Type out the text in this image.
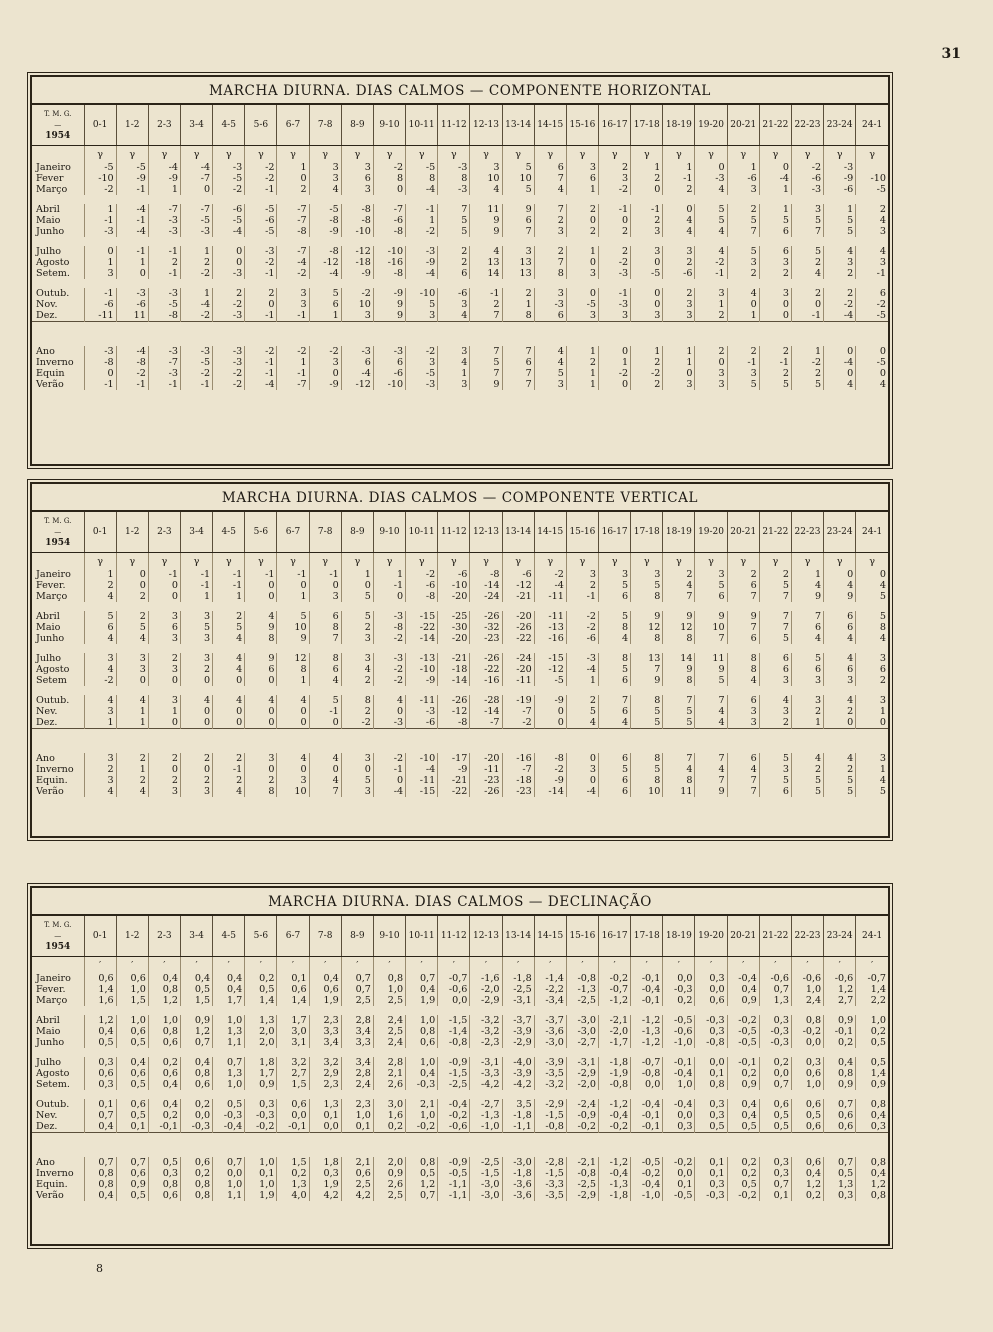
31
MARCHA DIURNA. DIAS CALMOS — COMPONENTE HORIZONTAL
T. M. G.
—
1954	0-1	1-2	2-3	3-4	4-5	5-6	6-7	7-8	8-9	9-10	10-11	11-12	12-13	13-14	14-15	15-16	16-17	17-18	18-19	19-20	20-21	21-22	22-23	23-24	24-1
	γ	γ	γ	γ	γ	γ	γ	γ	γ	γ	γ	γ	γ	γ	γ	γ	γ	γ	γ	γ	γ	γ	γ	γ	γ
Janeiro	-5	-5	-4	-4	-3	-2	1	3	3	-2	-5	-3	3	5	6	3	2	1	1	0	1	0	-2	-3	
Fever	-10	-9	-9	-7	-5	-2	0	3	6	8	8	8	10	10	7	6	3	2	-1	-3	-6	-4	-6	-9	-10
Março	-2	-1	1	0	-2	-1	2	4	3	0	-4	-3	4	5	4	1	-2	0	2	4	3	1	-3	-6	-5

Abril	1	-4	-7	-7	-6	-5	-7	-5	-8	-7	-1	7	11	9	7	2	-1	-1	0	5	2	1	3	1	2
Maio	-1	-1	-3	-5	-5	-6	-7	-8	-8	-6	1	5	9	6	2	0	0	2	4	5	5	5	5	5	4
Junho	-3	-4	-3	-3	-4	-5	-8	-9	-10	-8	-2	5	9	7	3	2	2	3	4	4	7	6	7	5	3

Julho	0	-1	-1	1	0	-3	-7	-8	-12	-10	-3	2	4	3	2	1	2	3	3	4	5	6	5	4	4
Agosto	1	1	2	2	0	-2	-4	-12	-18	-16	-9	2	13	13	7	0	-2	0	2	-2	3	3	2	3	3
Setem.	3	0	-1	-2	-3	-1	-2	-4	-9	-8	-4	6	14	13	8	3	-3	-5	-6	-1	2	2	4	2	-1

Outub.	-1	-3	-3	1	2	2	3	5	-2	-9	-10	-6	-1	2	3	0	-1	0	2	3	4	3	2	2	6
Nov.	-6	-6	-5	-4	-2	0	3	6	10	9	5	3	2	1	-3	-5	-3	0	3	1	0	0	0	-2	-2
Dez.	-11	11	-8	-2	-3	-1	-1	1	3	9	3	4	7	8	6	3	3	3	3	2	1	0	-1	-4	-5

Ano	-3	-4	-3	-3	-3	-2	-2	-2	-3	-3	-2	3	7	7	4	1	0	1	1	2	2	2	1	0	0
Inverno	-8	-8	-7	-5	-3	-1	1	3	6	6	3	4	5	6	4	2	1	2	1	0	-1	-1	-2	-4	-5
Equin	0	-2	-3	-2	-2	-1	-1	0	-4	-6	-5	1	7	7	5	1	-2	-2	0	3	3	2	2	0	0
Verão	-1	-1	-1	-1	-2	-4	-7	-9	-12	-10	-3	3	9	7	3	1	0	2	3	3	5	5	5	4	4
MARCHA DIURNA. DIAS CALMOS — COMPONENTE VERTICAL
T. M. G.
—
1954	0-1	1-2	2-3	3-4	4-5	5-6	6-7	7-8	8-9	9-10	10-11	11-12	12-13	13-14	14-15	15-16	16-17	17-18	18-19	19-20	20-21	21-22	22-23	23-24	24-1
	γ	γ	γ	γ	γ	γ	γ	γ	γ	γ	γ	γ	γ	γ	γ	γ	γ	γ	γ	γ	γ	γ	γ	γ	γ
Janeiro	1	0	-1	-1	-1	-1	-1	-1	1	1	-2	-6	-8	-6	-2	3	3	3	2	3	2	2	1	0	0
Fever.	2	0	0	-1	-1	0	0	0	0	-1	-6	-10	-14	-12	-4	2	5	5	4	5	6	5	4	4	4
Março	4	2	0	1	1	0	1	3	5	0	-8	-20	-24	-21	-11	-1	6	8	7	6	7	7	9	9	5

Abril	5	2	3	3	2	4	5	6	5	-3	-15	-25	-26	-20	-11	-2	5	9	9	9	9	7	7	6	5
Maio	6	5	6	5	5	9	10	8	2	-8	-22	-30	-32	-26	-13	-2	8	12	12	10	7	7	6	6	8
Junho	4	4	3	3	4	8	9	7	3	-2	-14	-20	-23	-22	-16	-6	4	8	8	7	6	5	4	4	4

Julho	3	3	2	3	4	9	12	8	3	-3	-13	-21	-26	-24	-15	-3	8	13	14	11	8	6	5	4	3
Agosto	4	3	3	2	4	6	8	6	4	-2	-10	-18	-22	-20	-12	-4	5	7	9	9	8	6	6	6	6
Setem	-2	0	0	0	0	0	1	4	2	-2	-9	-14	-16	-11	-5	1	6	9	8	5	4	3	3	3	2

Outub.	4	4	3	4	4	4	4	5	8	4	-11	-26	-28	-19	-9	2	7	8	7	7	6	4	3	4	3
Nev.	3	1	1	0	0	0	0	-1	2	0	-3	-12	-14	-7	0	5	6	5	5	4	3	3	2	2	1
Dez.	1	1	0	0	0	0	0	0	-2	-3	-6	-8	-7	-2	0	4	4	5	5	4	3	2	1	0	0

Ano	3	2	2	2	2	3	4	4	3	-2	-10	-17	-20	-16	-8	0	6	8	7	7	6	5	4	4	3
Inverno	2	1	0	0	-1	0	0	0	0	-1	-4	-9	-11	-7	-2	3	5	5	4	4	4	3	2	2	1
Equin.	3	2	2	2	2	2	3	4	5	0	-11	-21	-23	-18	-9	0	6	8	8	7	7	5	5	5	4
Verão	4	4	3	3	4	8	10	7	3	-4	-15	-22	-26	-23	-14	-4	6	10	11	9	7	6	5	5	5
MARCHA DIURNA. DIAS CALMOS — DECLINAÇÃO
T. M. G.
—
1954	0-1	1-2	2-3	3-4	4-5	5-6	6-7	7-8	8-9	9-10	10-11	11-12	12-13	13-14	14-15	15-16	16-17	17-18	18-19	19-20	20-21	21-22	22-23	23-24	24-1
	′	′	′	′	′	′	′	′	′	′	′	′	′	′	′	′	′	′	′	′	′	′	′	′	′
Janeiro	0,6	0,6	0,4	0,4	0,4	0,2	0,1	0,4	0,7	0,8	0,7	-0,7	-1,6	-1,8	-1,4	-0,8	-0,2	-0,1	0,0	0,3	-0,4	-0,6	-0,6	-0,6	-0,7
Fever.	1,4	1,0	0,8	0,5	0,4	0,5	0,6	0,6	0,7	1,0	0,4	-0,6	-2,0	-2,5	-2,2	-1,3	-0,7	-0,4	-0,3	0,0	0,4	0,7	1,0	1,2	1,4
Março	1,6	1,5	1,2	1,5	1,7	1,4	1,4	1,9	2,5	2,5	1,9	0,0	-2,9	-3,1	-3,4	-2,5	-1,2	-0,1	0,2	0,6	0,9	1,3	2,4	2,7	2,2

Abril	1,2	1,0	1,0	0,9	1,0	1,3	1,7	2,3	2,8	2,4	1,0	-1,5	-3,2	-3,7	-3,7	-3,0	-2,1	-1,2	-0,5	-0,3	-0,2	0,3	0,8	0,9	1,0
Maio	0,4	0,6	0,8	1,2	1,3	2,0	3,0	3,3	3,4	2,5	0,8	-1,4	-3,2	-3,9	-3,6	-3,0	-2,0	-1,3	-0,6	0,3	-0,5	-0,3	-0,2	-0,1	0,2
Junho	0,5	0,5	0,6	0,7	1,1	2,0	3,1	3,4	3,3	2,4	0,6	-0,8	-2,3	-2,9	-3,0	-2,7	-1,7	-1,2	-1,0	-0,8	-0,5	-0,3	0,0	0,2	0,5

Julho	0,3	0,4	0,2	0,4	0,7	1,8	3,2	3,2	3,4	2,8	1,0	-0,9	-3,1	-4,0	-3,9	-3,1	-1,8	-0,7	-0,1	0,0	-0,1	0,2	0,3	0,4	0,5
Agosto	0,6	0,6	0,6	0,8	1,3	1,7	2,7	2,9	2,8	2,1	0,4	-1,5	-3,3	-3,9	-3,5	-2,9	-1,9	-0,8	-0,4	0,1	0,2	0,0	0,6	0,8	1,4
Setem.	0,3	0,5	0,4	0,6	1,0	0,9	1,5	2,3	2,4	2,6	-0,3	-2,5	-4,2	-4,2	-3,2	-2,0	-0,8	0,0	1,0	0,8	0,9	0,7	1,0	0,9	0,9

Outub.	0,1	0,6	0,4	0,2	0,5	0,3	0,6	1,3	2,3	3,0	2,1	-0,4	-2,7	3,5	-2,9	-2,4	-1,2	-0,4	-0,4	0,3	0,4	0,6	0,6	0,7	0,8
Nev.	0,7	0,5	0,2	0,0	-0,3	-0,3	0,0	0,1	1,0	1,6	1,0	-0,2	-1,3	-1,8	-1,5	-0,9	-0,4	-0,1	0,0	0,3	0,4	0,5	0,5	0,6	0,4
Dez.	0,4	0,1	-0,1	-0,3	-0,4	-0,2	-0,1	0,0	0,1	0,2	-0,2	-0,6	-1,0	-1,1	-0,8	-0,2	-0,2	-0,1	0,3	0,5	0,5	0,5	0,6	0,6	0,3

Ano	0,7	0,7	0,5	0,6	0,7	1,0	1,5	1,8	2,1	2,0	0,8	-0,9	-2,5	-3,0	-2,8	-2,1	-1,2	-0,5	-0,2	0,1	0,2	0,3	0,6	0,7	0,8
Inverno	0,8	0,6	0,3	0,2	0,0	0,1	0,2	0,3	0,6	0,9	0,5	-0,5	-1,5	-1,8	-1,5	-0,8	-0,4	-0,2	0,0	0,1	0,2	0,3	0,4	0,5	0,4
Equin.	0,8	0,9	0,8	0,8	1,0	1,0	1,3	1,9	2,5	2,6	1,2	-1,1	-3,0	-3,6	-3,3	-2,5	-1,3	-0,4	0,1	0,3	0,5	0,7	1,2	1,3	1,2
Verão	0,4	0,5	0,6	0,8	1,1	1,9	4,0	4,2	4,2	2,5	0,7	-1,1	-3,0	-3,6	-3,5	-2,9	-1,8	-1,0	-0,5	-0,3	-0,2	0,1	0,2	0,3	0,8
8
